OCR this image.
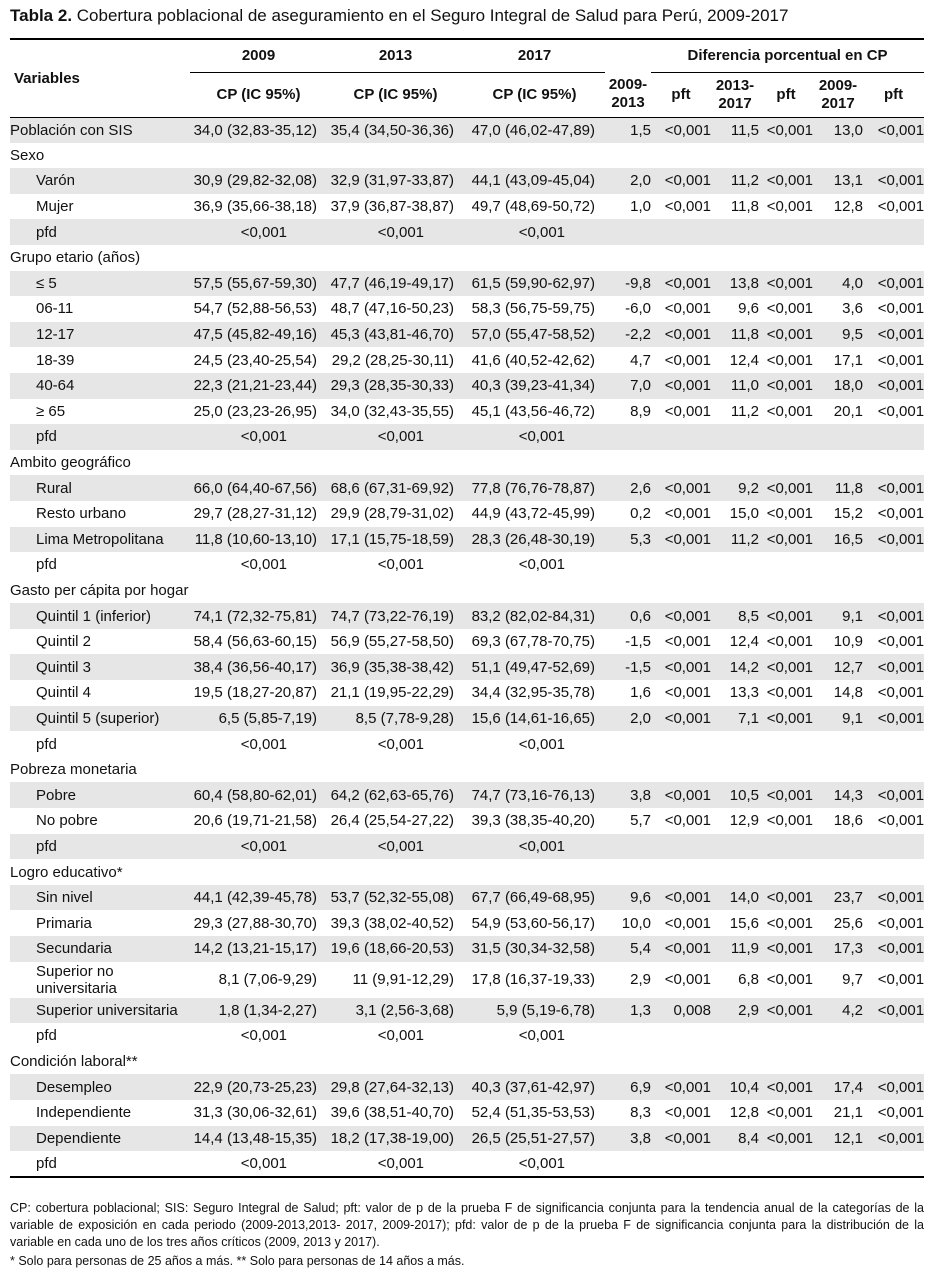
Tabla 2. Cobertura poblacional de aseguramiento en el Seguro Integral de Salud para Perú, 2009-2017
Variables	2009	2013	2017		Diferencia porcentual en CP				
	CP (IC 95%)	CP (IC 95%)	CP (IC 95%)	2009-2013	pft	2013-2017	pft	2009-2017	pft
Población con SIS	34,0 (32,83-35,12)	35,4 (34,50-36,36)	47,0 (46,02-47,89)	1,5	<0,001	11,5	<0,001	13,0	<0,001
Sexo									
Varón	30,9 (29,82-32,08)	32,9 (31,97-33,87)	44,1 (43,09-45,04)	2,0	<0,001	11,2	<0,001	13,1	<0,001
Mujer	36,9 (35,66-38,18)	37,9 (36,87-38,87)	49,7 (48,69-50,72)	1,0	<0,001	11,8	<0,001	12,8	<0,001
pfd	<0,001	<0,001	<0,001						
Grupo etario (años)									
≤ 5	57,5 (55,67-59,30)	47,7 (46,19-49,17)	61,5 (59,90-62,97)	-9,8	<0,001	13,8	<0,001	4,0	<0,001
06-11	54,7 (52,88-56,53)	48,7 (47,16-50,23)	58,3 (56,75-59,75)	-6,0	<0,001	9,6	<0,001	3,6	<0,001
12-17	47,5 (45,82-49,16)	45,3 (43,81-46,70)	57,0 (55,47-58,52)	-2,2	<0,001	11,8	<0,001	9,5	<0,001
18-39	24,5 (23,40-25,54)	29,2 (28,25-30,11)	41,6 (40,52-42,62)	4,7	<0,001	12,4	<0,001	17,1	<0,001
40-64	22,3 (21,21-23,44)	29,3 (28,35-30,33)	40,3 (39,23-41,34)	7,0	<0,001	11,0	<0,001	18,0	<0,001
≥ 65	25,0 (23,23-26,95)	34,0 (32,43-35,55)	45,1 (43,56-46,72)	8,9	<0,001	11,2	<0,001	20,1	<0,001
pfd	<0,001	<0,001	<0,001						
Ambito geográfico									
Rural	66,0 (64,40-67,56)	68,6 (67,31-69,92)	77,8 (76,76-78,87)	2,6	<0,001	9,2	<0,001	11,8	<0,001
Resto urbano	29,7 (28,27-31,12)	29,9 (28,79-31,02)	44,9 (43,72-45,99)	0,2	<0,001	15,0	<0,001	15,2	<0,001
Lima Metropolitana	11,8 (10,60-13,10)	17,1 (15,75-18,59)	28,3 (26,48-30,19)	5,3	<0,001	11,2	<0,001	16,5	<0,001
pfd	<0,001	<0,001	<0,001						
Gasto per cápita por hogar									
Quintil 1 (inferior)	74,1 (72,32-75,81)	74,7 (73,22-76,19)	83,2 (82,02-84,31)	0,6	<0,001	8,5	<0,001	9,1	<0,001
Quintil 2	58,4 (56,63-60,15)	56,9 (55,27-58,50)	69,3 (67,78-70,75)	-1,5	<0,001	12,4	<0,001	10,9	<0,001
Quintil 3	38,4 (36,56-40,17)	36,9 (35,38-38,42)	51,1 (49,47-52,69)	-1,5	<0,001	14,2	<0,001	12,7	<0,001
Quintil 4	19,5 (18,27-20,87)	21,1 (19,95-22,29)	34,4 (32,95-35,78)	1,6	<0,001	13,3	<0,001	14,8	<0,001
Quintil 5 (superior)	6,5 (5,85-7,19)	8,5 (7,78-9,28)	15,6 (14,61-16,65)	2,0	<0,001	7,1	<0,001	9,1	<0,001
pfd	<0,001	<0,001	<0,001						
Pobreza monetaria									
Pobre	60,4 (58,80-62,01)	64,2 (62,63-65,76)	74,7 (73,16-76,13)	3,8	<0,001	10,5	<0,001	14,3	<0,001
No pobre	20,6 (19,71-21,58)	26,4 (25,54-27,22)	39,3 (38,35-40,20)	5,7	<0,001	12,9	<0,001	18,6	<0,001
pfd	<0,001	<0,001	<0,001						
Logro educativo*									
Sin nivel	44,1 (42,39-45,78)	53,7 (52,32-55,08)	67,7 (66,49-68,95)	9,6	<0,001	14,0	<0,001	23,7	<0,001
Primaria	29,3 (27,88-30,70)	39,3 (38,02-40,52)	54,9 (53,60-56,17)	10,0	<0,001	15,6	<0,001	25,6	<0,001
Secundaria	14,2 (13,21-15,17)	19,6 (18,66-20,53)	31,5 (30,34-32,58)	5,4	<0,001	11,9	<0,001	17,3	<0,001
Superior no universitaria	8,1 (7,06-9,29)	11 (9,91-12,29)	17,8 (16,37-19,33)	2,9	<0,001	6,8	<0,001	9,7	<0,001
Superior universitaria	1,8 (1,34-2,27)	3,1 (2,56-3,68)	5,9 (5,19-6,78)	1,3	0,008	2,9	<0,001	4,2	<0,001
pfd	<0,001	<0,001	<0,001						
Condición laboral**									
Desempleo	22,9 (20,73-25,23)	29,8 (27,64-32,13)	40,3 (37,61-42,97)	6,9	<0,001	10,4	<0,001	17,4	<0,001
Independiente	31,3 (30,06-32,61)	39,6 (38,51-40,70)	52,4 (51,35-53,53)	8,3	<0,001	12,8	<0,001	21,1	<0,001
Dependiente	14,4 (13,48-15,35)	18,2 (17,38-19,00)	26,5 (25,51-27,57)	3,8	<0,001	8,4	<0,001	12,1	<0,001
pfd	<0,001	<0,001	<0,001						
CP: cobertura poblacional; SIS: Seguro Integral de Salud; pft: valor de p de la prueba F de significancia conjunta para la tendencia anual de la categorías de la variable de exposición en cada periodo (2009-2013,2013- 2017, 2009-2017); pfd: valor de p de la prueba F de significancia conjunta para la distribución de la variable en cada uno de los tres años críticos (2009, 2013 y 2017).
* Solo para personas de 25 años a más. ** Solo para personas de 14 años a más.
